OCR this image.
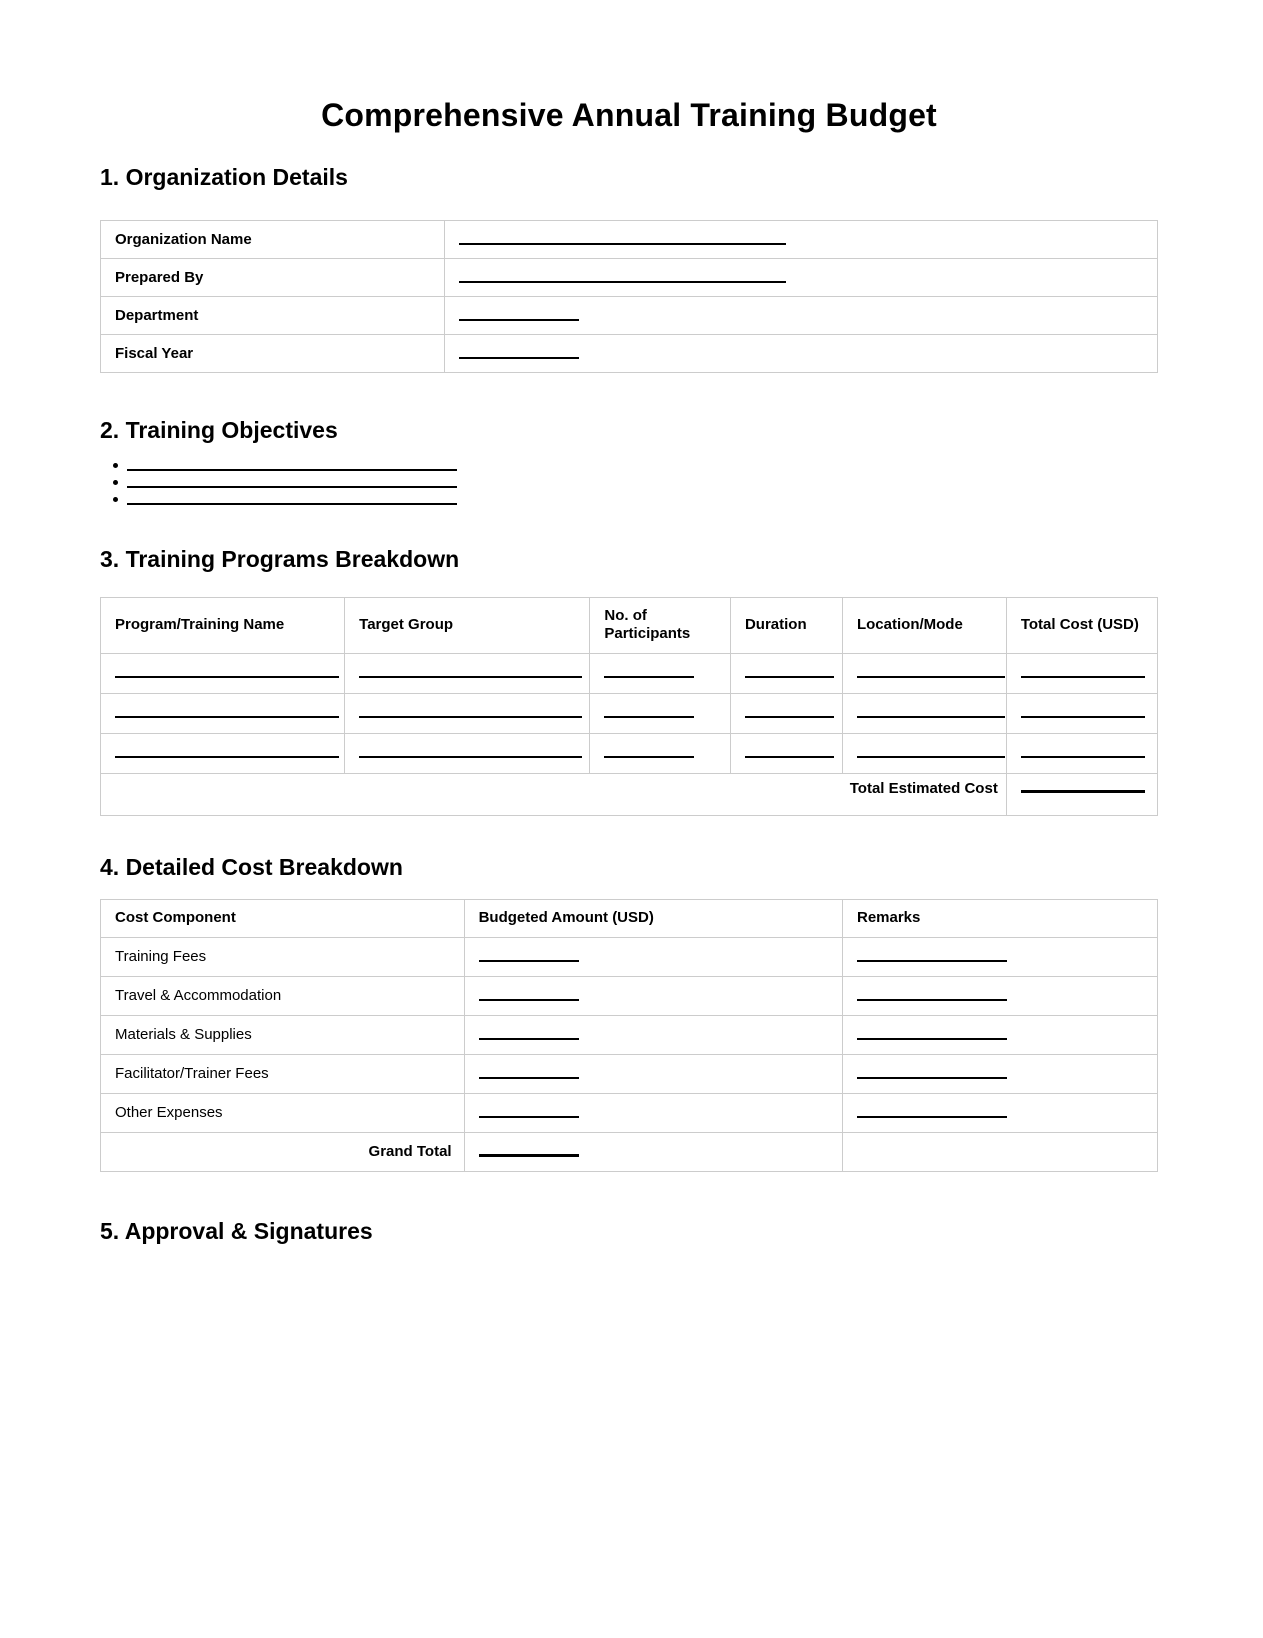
Comprehensive Annual Training Budget
1. Organization Details
Organization Name	
Prepared By	
Department	
Fiscal Year	
2. Training Objectives
3. Training Programs Breakdown
Program/Training Name	Target Group	No. of Participants	Duration	Location/Mode	Total Cost (USD)

Total Estimated Cost					
4. Detailed Cost Breakdown
Cost Component	Budgeted Amount (USD)	Remarks
Training Fees		
Travel & Accommodation		
Materials & Supplies		
Facilitator/Trainer Fees		
Other Expenses		
Grand Total		
5. Approval & Signatures
